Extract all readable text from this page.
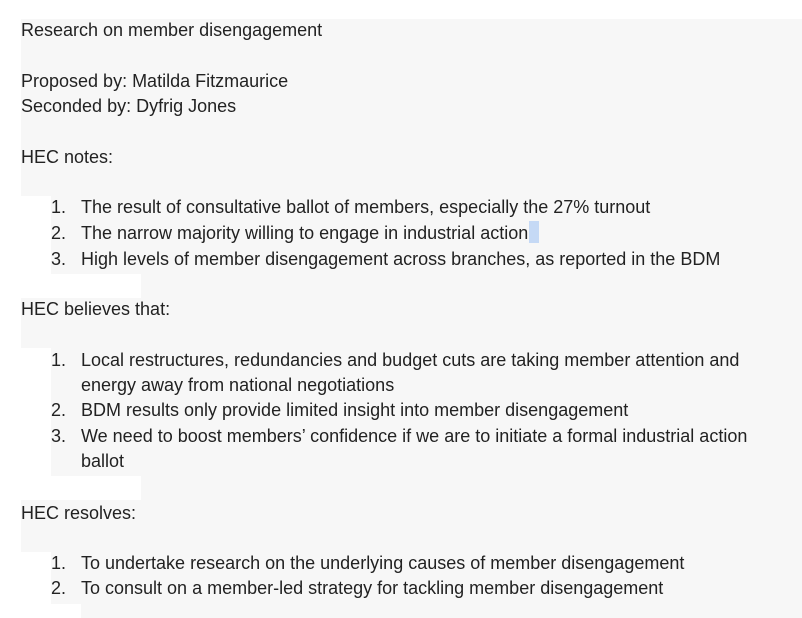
Research on member disengagement
Proposed by: Matilda Fitzmaurice
Seconded by: Dyfrig Jones
HEC notes:
1. The result of consultative ballot of members, especially the 27% turnout
2. The narrow majority willing to engage in industrial action
3. High levels of member disengagement across branches, as reported in the BDM
HEC believes that:
1. Local restructures, redundancies and budget cuts are taking member attention and
energy away from national negotiations
2. BDM results only provide limited insight into member disengagement
3. We need to boost members’ confidence if we are to initiate a formal industrial action
ballot
HEC resolves:
1. To undertake research on the underlying causes of member disengagement
2. To consult on a member-led strategy for tackling member disengagement
